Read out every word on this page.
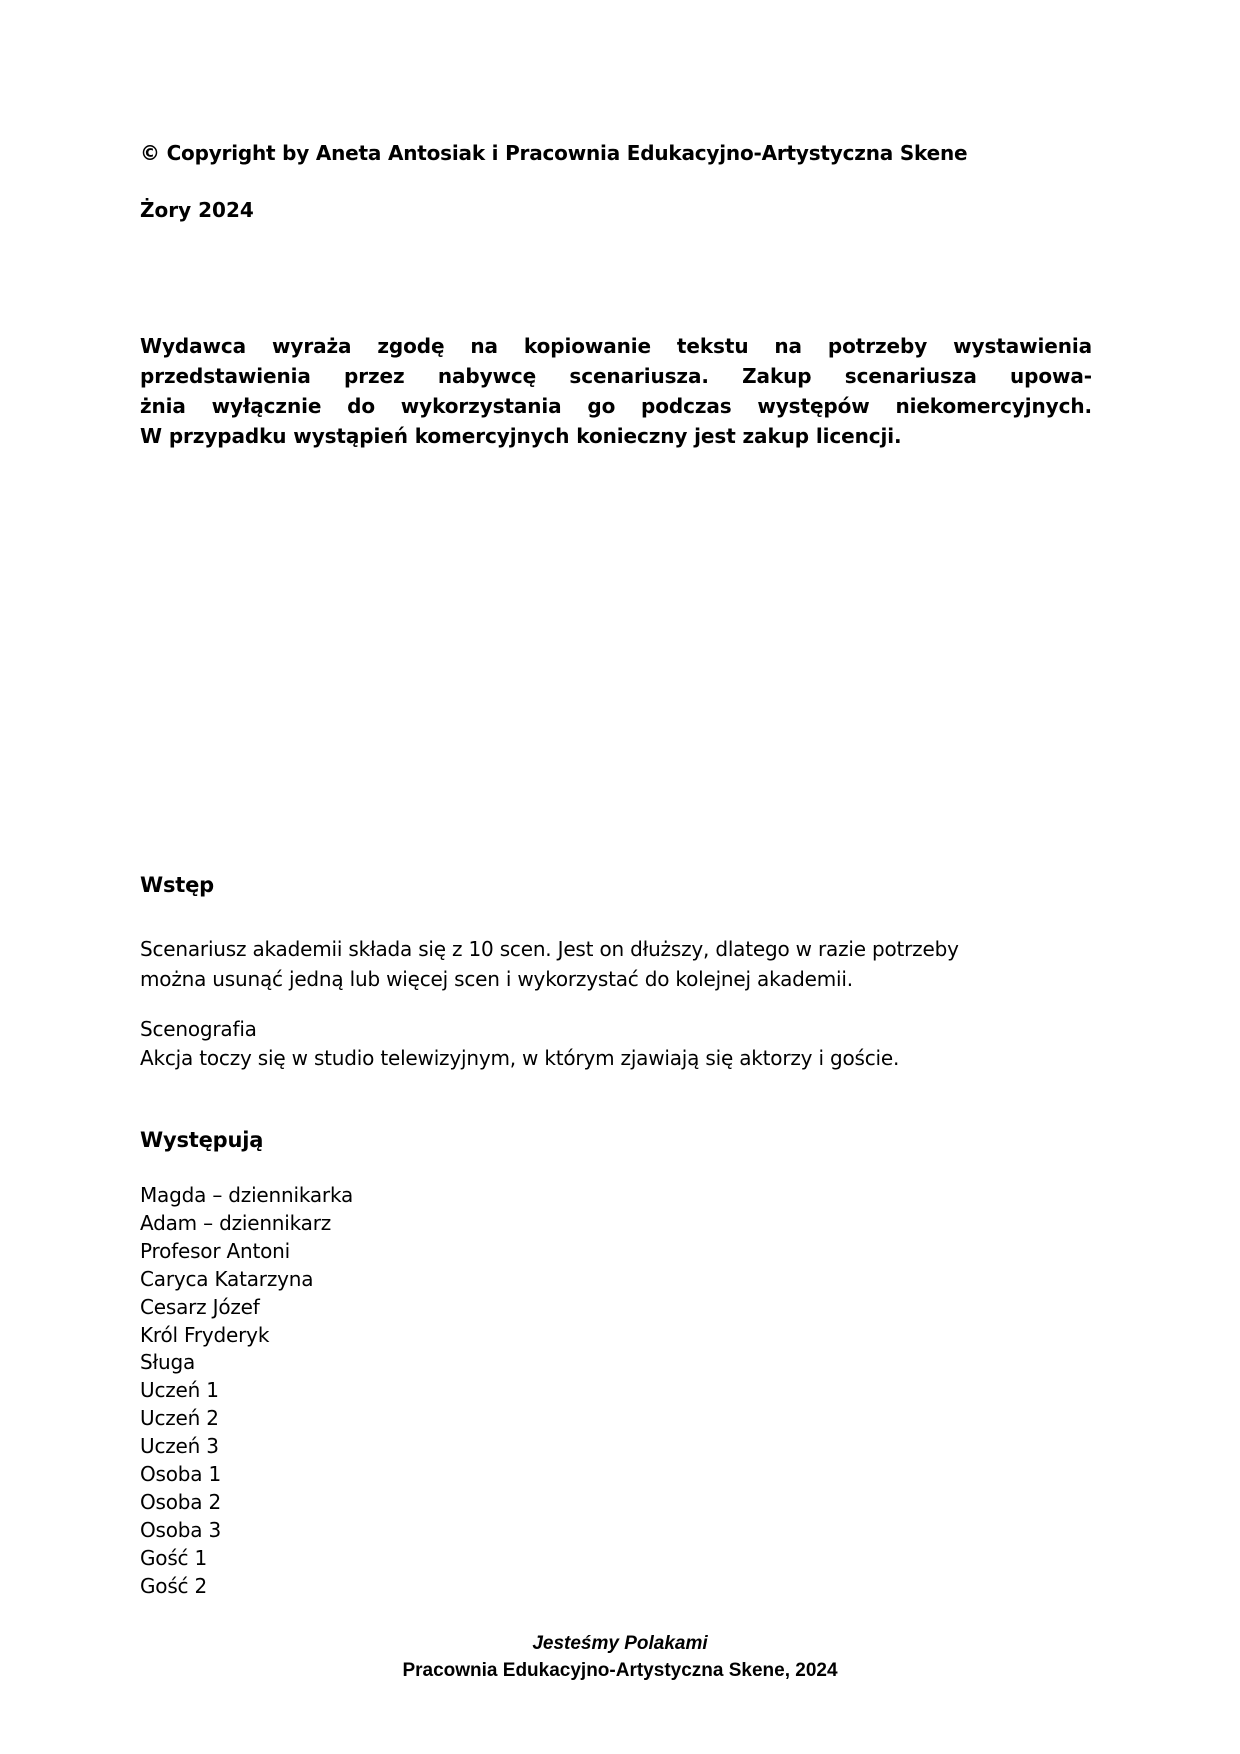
© Copyright by Aneta Antosiak i Pracownia Edukacyjno-Artystyczna Skene
Żory 2024
Wydawca wyraża zgodę na kopiowanie tekstu na potrzeby wystawienia
przedstawienia przez nabywcę scenariusza. Zakup scenariusza upowa-
żnia wyłącznie do wykorzystania go podczas występów niekomercyjnych.
W przypadku wystąpień komercyjnych konieczny jest zakup licencji.
Wstęp
Scenariusz akademii składa się z 10 scen. Jest on dłuższy, dlatego w razie potrzeby
można usunąć jedną lub więcej scen i wykorzystać do kolejnej akademii.
Scenografia
Akcja toczy się w studio telewizyjnym, w którym zjawiają się aktorzy i goście.
Występują
Magda – dziennikarka
Adam – dziennikarz
Profesor Antoni
Caryca Katarzyna
Cesarz Józef
Król Fryderyk
Sługa
Uczeń 1
Uczeń 2
Uczeń 3
Osoba 1
Osoba 2
Osoba 3
Gość 1
Gość 2
Jesteśmy Polakami
Pracownia Edukacyjno-Artystyczna Skene, 2024
